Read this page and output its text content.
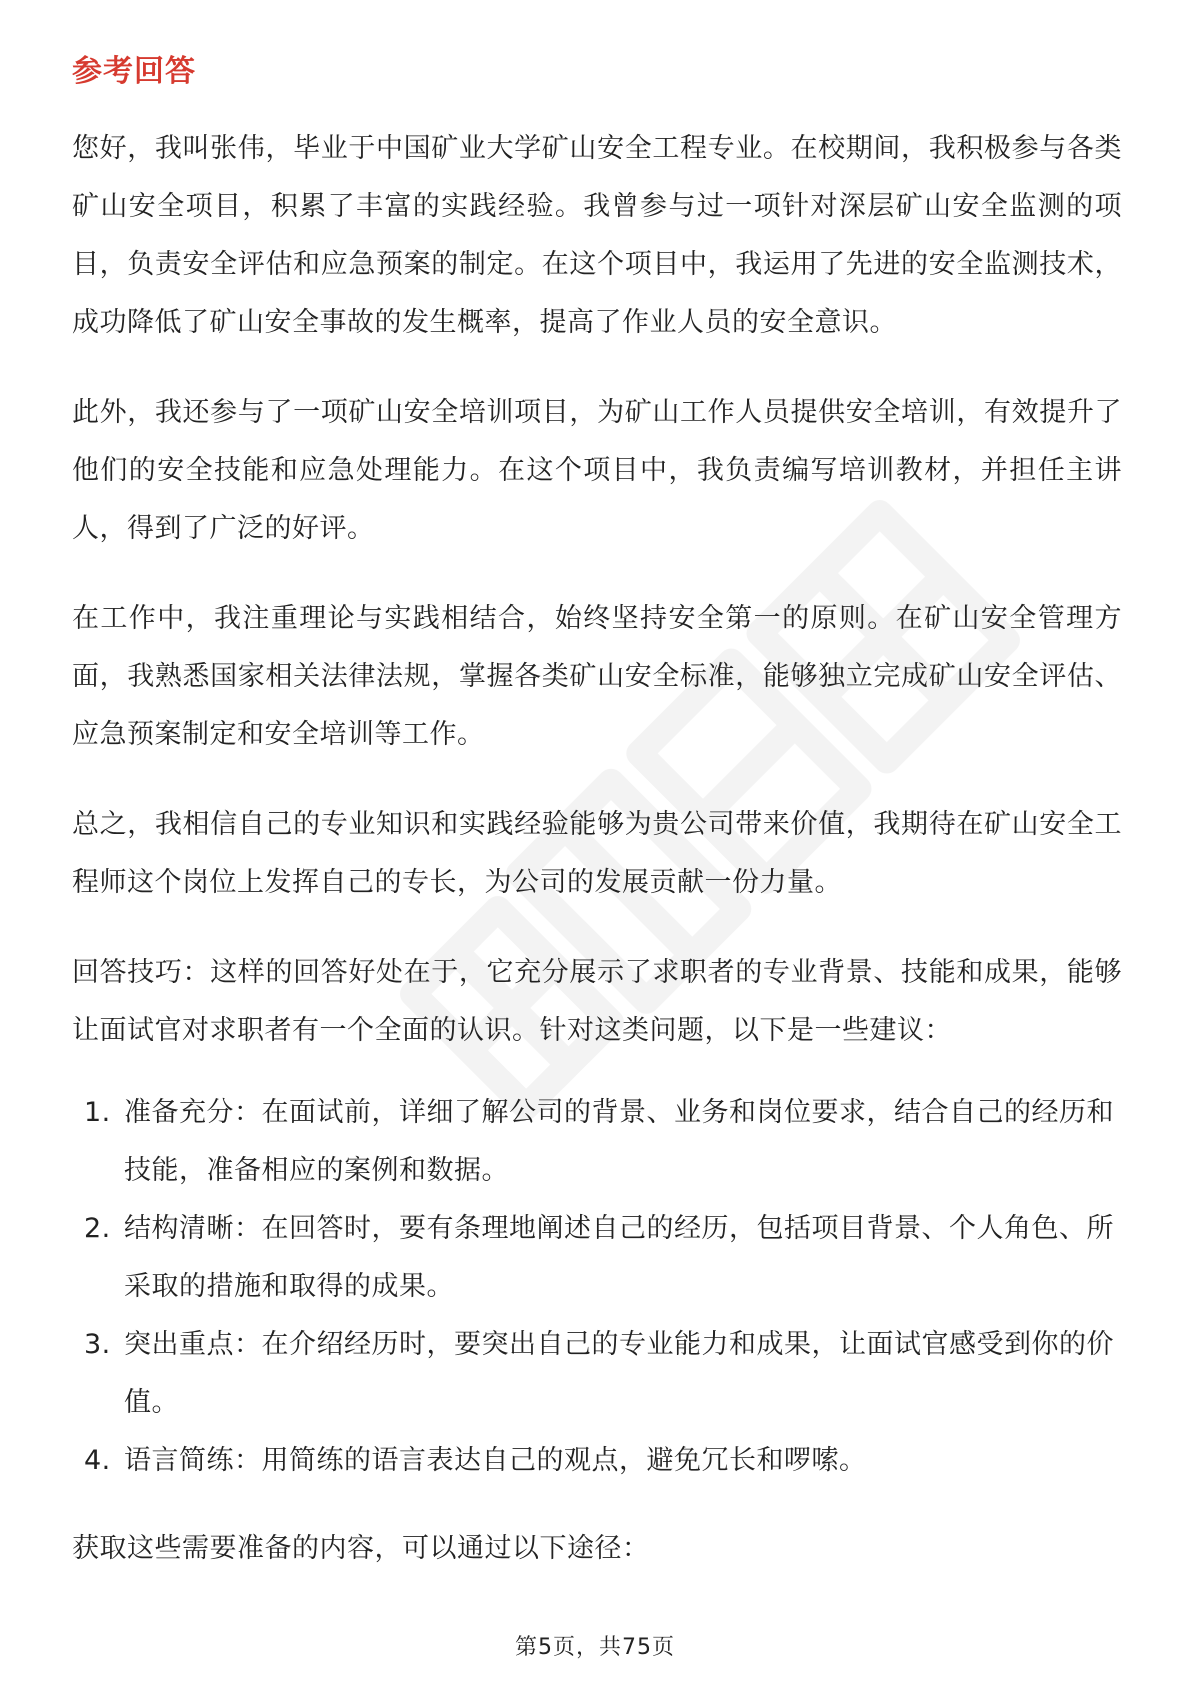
参考回答

您好，我叫张伟，毕业于中国矿业大学矿山安全工程专业。在校期间，我积极参与各类矿山安全项目，积累了丰富的实践经验。我曾参与过一项针对深层矿山安全监测的项目，负责安全评估和应急预案的制定。在这个项目中，我运用了先进的安全监测技术，成功降低了矿山安全事故的发生概率，提高了作业人员的安全意识。

此外，我还参与了一项矿山安全培训项目，为矿山工作人员提供安全培训，有效提升了他们的安全技能和应急处理能力。在这个项目中，我负责编写培训教材，并担任主讲人，得到了广泛的好评。

在工作中，我注重理论与实践相结合，始终坚持安全第一的原则。在矿山安全管理方面，我熟悉国家相关法律法规，掌握各类矿山安全标准，能够独立完成矿山安全评估、应急预案制定和安全培训等工作。

总之，我相信自己的专业知识和实践经验能够为贵公司带来价值，我期待在矿山安全工程师这个岗位上发挥自己的专长，为公司的发展贡献一份力量。

回答技巧：这样的回答好处在于，它充分展示了求职者的专业背景、技能和成果，能够让面试官对求职者有一个全面的认识。针对这类问题，以下是一些建议：

1. 准备充分：在面试前，详细了解公司的背景、业务和岗位要求，结合自己的经历和技能，准备相应的案例和数据。
2. 结构清晰：在回答时，要有条理地阐述自己的经历，包括项目背景、个人角色、所采取的措施和取得的成果。
3. 突出重点：在介绍经历时，要突出自己的专业能力和成果，让面试官感受到你的价值。
4. 语言简练：用简练的语言表达自己的观点，避免冗长和啰嗦。

获取这些需要准备的内容，可以通过以下途径：

第5页，共75页
